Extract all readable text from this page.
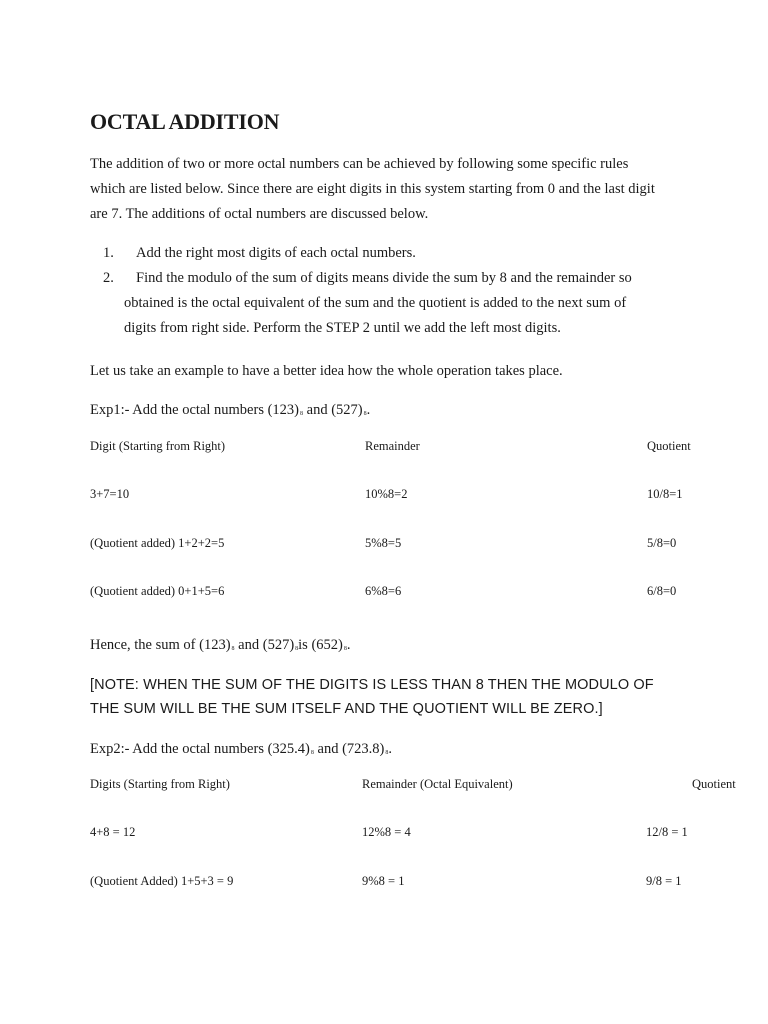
OCTAL ADDITION
The addition of two or more octal numbers can be achieved by following some specific rules
which are listed below. Since there are eight digits in this system starting from 0 and the last digit
are 7. The additions of octal numbers are discussed below.
1. Add the right most digits of each octal numbers.
2. Find the modulo of the sum of digits means divide the sum by 8 and the remainder so
obtained is the octal equivalent of the sum and the quotient is added to the next sum of
digits from right side. Perform the STEP 2 until we add the left most digits.
Let us take an example to have a better idea how the whole operation takes place.
Exp1:- Add the octal numbers $(123)_8$ and $(527)_8$.
Digit (Starting from Right)	Remainder	Quotient
3+7=10	10%8=2	10/8=1
(Quotient added) 1+2+2=5	5%8=5	5/8=0
(Quotient added) 0+1+5=6	6%8=6	6/8=0
Hence, the sum of $(123)_8$ and $(527)_8is$ $(652)_8$.
[NOTE: WHEN THE SUM OF THE DIGITS IS LESS THAN 8 THEN THE MODULO OF
THE SUM WILL BE THE SUM ITSELF AND THE QUOTIENT WILL BE ZERO.]
Exp2:- Add the octal numbers $(325.4)_8$ and $(723.8)_8$.
Digits (Starting from Right)	Remainder (Octal Equivalent)	Quotient
4+8 = 12	12%8 = 4	12/8 = 1
(Quotient Added) 1+5+3 = 9	9%8 = 1	9/8 = 1
